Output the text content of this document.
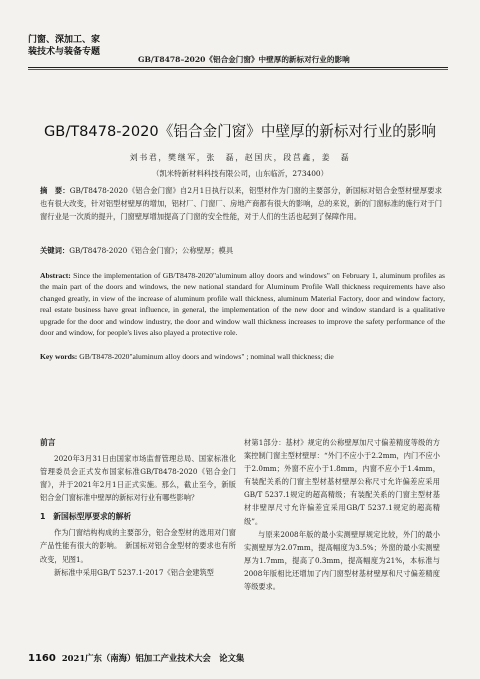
门窗、深加工、家
装技术与装备专题
GB/T8478–2020《铝合金门窗》中壁厚的新标对行业的影响
GB/T8478-2020《铝合金门窗》中壁厚的新标对行业的影响
刘书君，樊继军，张　磊，赵国庆，段莒鑫，姜　磊
（凯米特新材料科技有限公司，山东临沂，273400）

摘　要：GB/T8478-2020《铝合金门窗》自2月1日执行以来，铝型材作为门窗的主要部分，新国标对铝合金型材壁厚要求也有很大改变，针对铝型材壁厚的增加，铝材厂、门窗厂、房地产商都有很大的影响，总的来说，新的门窗标准的施行对于门窗行业是一次质的提升，门窗壁厚增加提高了门窗的安全性能，对于人们的生活也起到了保障作用。

关键词：GB/T8478-2020《铝合金门窗》；公称壁厚；模具

Abstract: Since the implementation of GB/T8478-2020"aluminum alloy doors and windows" on February 1, aluminum profiles as the main part of the doors and windows, the new national standard for Aluminum Profile Wall thickness requirements have also changed greatly, in view of the increase of aluminum profile wall thickness, aluminum Material Factory, door and window factory, real estate business have great influence, in general, the implementation of the new door and window standard is a qualitative upgrade for the door and window industry, the door and window wall thickness increases to improve the safety performance of the door and window, for people's lives also played a protective role.

Key words: GB/T8478-2020"aluminum alloy doors and windows" ; nominal wall thickness; die
前言

2020年3月31日由国家市场监督管理总局、国家标准化管理委员会正式发布国家标准GB/T8478-2020《铝合金门窗》，并于2021年2月1日正式实施。那么，截止至今，新版铝合金门窗标准中壁厚的新标对行业有哪些影响？

1　新国标型厚要求的解析

作为门窗结构构成的主要部分，铝合金型材的选用对门窗产品性能有很大的影响。　新国标对铝合金型材的要求也有所改变，见图1。

新标准中采用GB/T 5237.1-2017《铝合金建筑型

材第1部分：基材》规定的公称壁厚加尺寸偏差精度等级的方案控制门窗主型材壁厚：“外门不应小于2.2mm，内门不应小于2.0mm；外窗不应小于1.8mm，内窗不应小于1.4mm，有装配关系的门窗主型材基材壁厚公称尺寸允许偏差应采用GB/T 5237.1规定的超高精级；有装配关系的门窗主型材基材非壁厚尺寸允许偏差宜采用GB/T 5237.1规定的超高精级”。

与原来2008年版的最小实测壁厚规定比较，外门的最小实测壁厚为2.07mm，提高幅度为3.5%；外窗的最小实测壁厚为1.7mm，提高了0.3mm，提高幅度为21%，本标准与2008年版相比还增加了内门窗型材基材壁厚和尺寸偏差精度等级要求。

1160 2021广东（南海）铝加工产业技术大会　论文集
